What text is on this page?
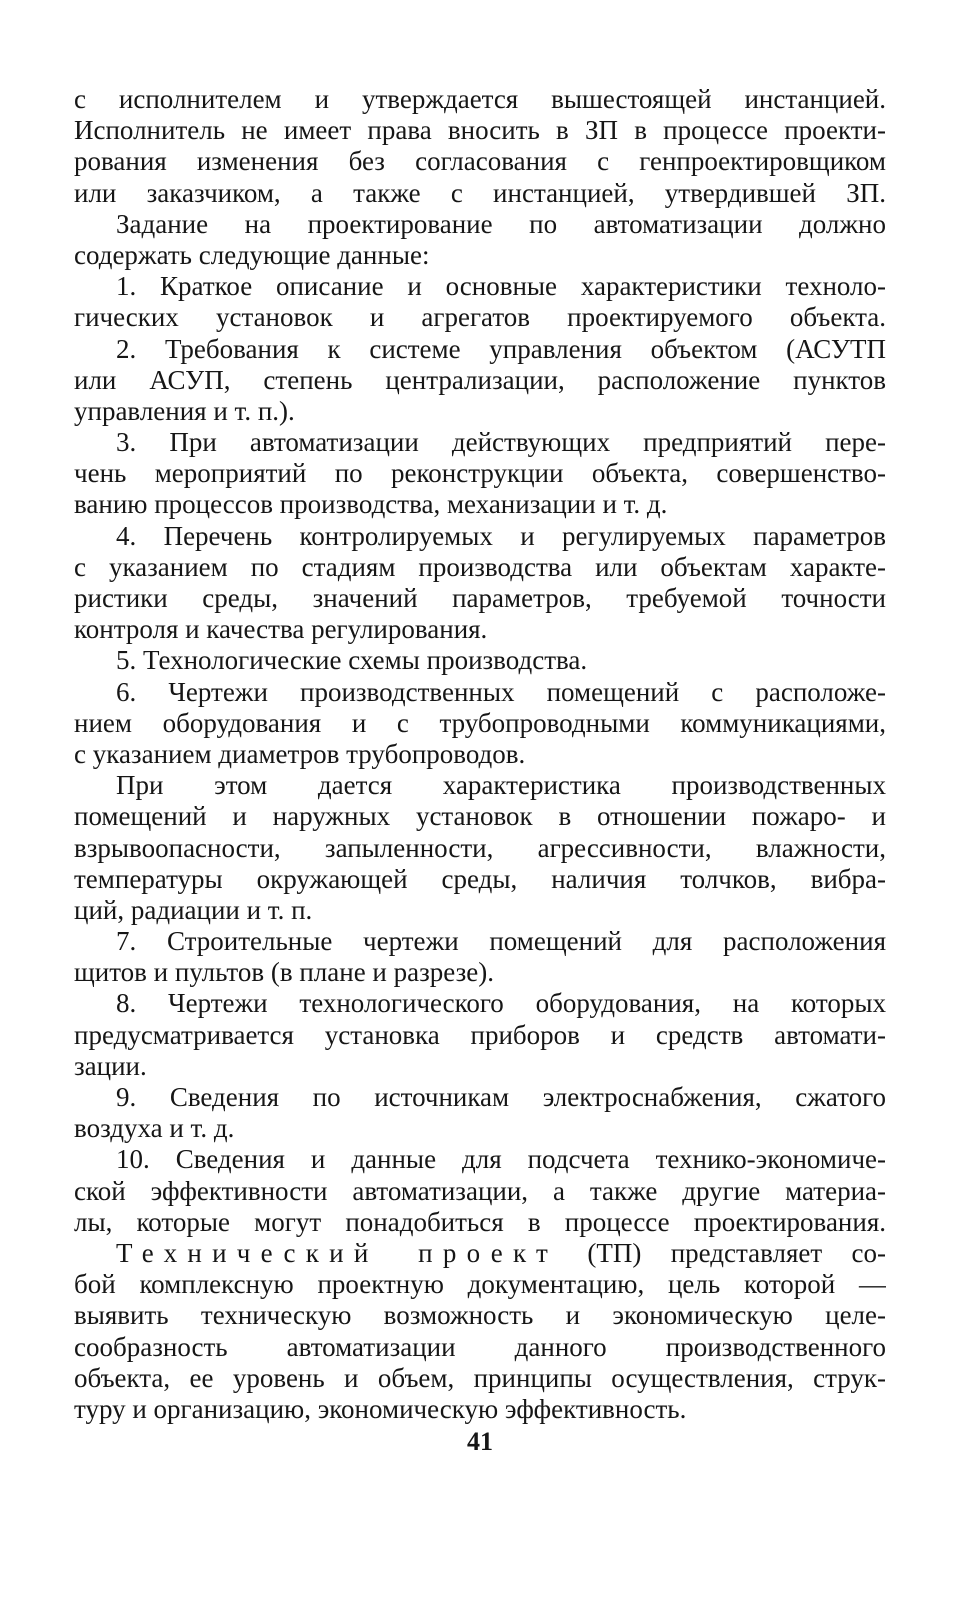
с исполнителем и утверждается вышестоящей инстанцией.
Исполнитель не имеет права вносить в ЗП в процессе проекти-
рования изменения без согласования с генпроектировщиком
или заказчиком, а также с инстанцией, утвердившей ЗП.
Задание на проектирование по автоматизации должно
содержать следующие данные:
1. Краткое описание и основные характеристики техноло-
гических установок и агрегатов проектируемого объекта.
2. Требования к системе управления объектом (АСУТП
или АСУП, степень централизации, расположение пунктов
управления и т. п.).
3. При автоматизации действующих предприятий пере-
чень мероприятий по реконструкции объекта, совершенство-
ванию процессов производства, механизации и т. д.
4. Перечень контролируемых и регулируемых параметров
с указанием по стадиям производства или объектам характе-
ристики среды, значений параметров, требуемой точности
контроля и качества регулирования.
5. Технологические схемы производства.
6. Чертежи производственных помещений с расположе-
нием оборудования и с трубопроводными коммуникациями,
с указанием диаметров трубопроводов.
При этом дается характеристика производственных
помещений и наружных установок в отношении пожаро- и
взрывоопасности, запыленности, агрессивности, влажности,
температуры окружающей среды, наличия толчков, вибра-
ций, радиации и т. п.
7. Строительные чертежи помещений для расположения
щитов и пультов (в плане и разрезе).
8. Чертежи технологического оборудования, на которых
предусматривается установка приборов и средств автомати-
зации.
9. Сведения по источникам электроснабжения, сжатого
воздуха и т. д.
10. Сведения и данные для подсчета технико-экономиче-
ской эффективности автоматизации, а также другие материа-
лы, которые могут понадобиться в процессе проектирования.
Технический проект (ТП) представляет со-
бой комплексную проектную документацию, цель которой —
выявить техническую возможность и экономическую целе-
сообразность автоматизации данного производственного
объекта, ее уровень и объем, принципы осуществления, струк-
туру и организацию, экономическую эффективность.
41
